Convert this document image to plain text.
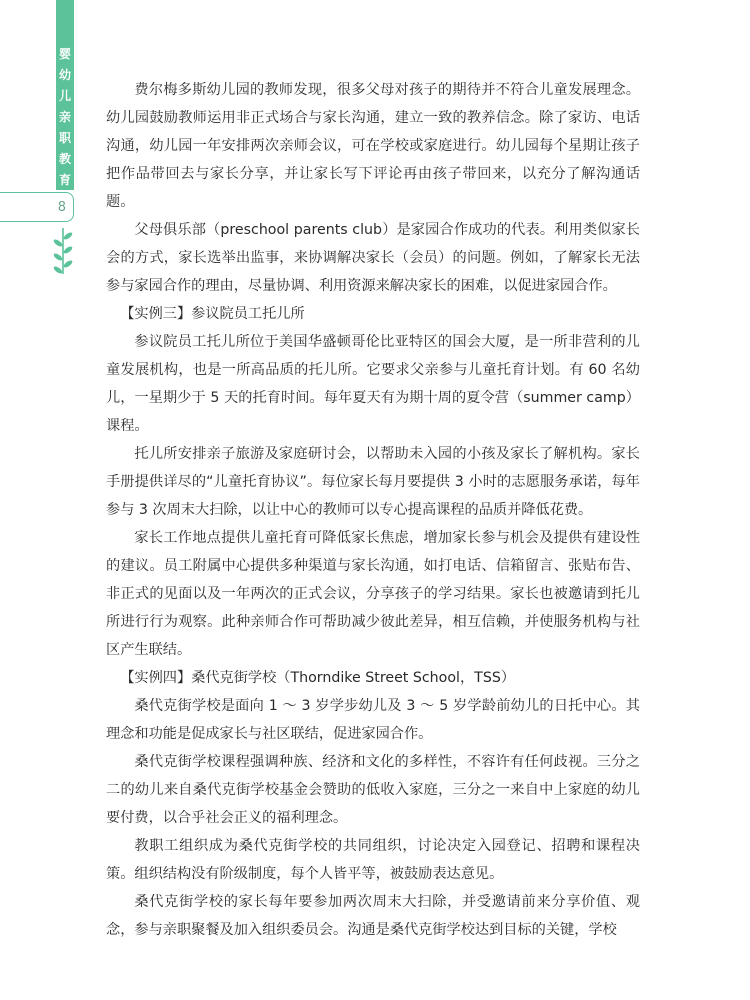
婴
幼
儿
亲
职
教
育
8

费尔梅多斯幼儿园的教师发现，很多父母对孩子的期待并不符合儿童发展理念。幼儿园鼓励教师运用非正式场合与家长沟通，建立一致的教养信念。除了家访、电话沟通，幼儿园一年安排两次亲师会议，可在学校或家庭进行。幼儿园每个星期让孩子把作品带回去与家长分享，并让家长写下评论再由孩子带回来，以充分了解沟通话题。

父母俱乐部（preschool parents club）是家园合作成功的代表。利用类似家长会的方式，家长选举出监事，来协调解决家长（会员）的问题。例如，了解家长无法参与家园合作的理由，尽量协调、利用资源来解决家长的困难，以促进家园合作。

【实例三】参议院员工托儿所

参议院员工托儿所位于美国华盛顿哥伦比亚特区的国会大厦，是一所非营利的儿童发展机构，也是一所高品质的托儿所。它要求父亲参与儿童托育计划。有 60 名幼儿，一星期少于 5 天的托育时间。每年夏天有为期十周的夏令营（summer camp）课程。

托儿所安排亲子旅游及家庭研讨会，以帮助未入园的小孩及家长了解机构。家长手册提供详尽的“儿童托育协议”。每位家长每月要提供 3 小时的志愿服务承诺，每年参与 3 次周末大扫除，以让中心的教师可以专心提高课程的品质并降低花费。

家长工作地点提供儿童托育可降低家长焦虑，增加家长参与机会及提供有建设性的建议。员工附属中心提供多种渠道与家长沟通，如打电话、信箱留言、张贴布告、非正式的见面以及一年两次的正式会议，分享孩子的学习结果。家长也被邀请到托儿所进行行为观察。此种亲师合作可帮助减少彼此差异，相互信赖，并使服务机构与社区产生联结。

【实例四】桑代克街学校（Thorndike Street School，TSS）

桑代克街学校是面向 1 ～ 3 岁学步幼儿及 3 ～ 5 岁学龄前幼儿的日托中心。其理念和功能是促成家长与社区联结，促进家园合作。

桑代克街学校课程强调种族、经济和文化的多样性，不容许有任何歧视。三分之二的幼儿来自桑代克街学校基金会赞助的低收入家庭，三分之一来自中上家庭的幼儿要付费，以合乎社会正义的福利理念。

教职工组织成为桑代克街学校的共同组织，讨论决定入园登记、招聘和课程决策。组织结构没有阶级制度，每个人皆平等，被鼓励表达意见。

桑代克街学校的家长每年要参加两次周末大扫除，并受邀请前来分享价值、观念，参与亲职聚餐及加入组织委员会。沟通是桑代克街学校达到目标的关键，学校
